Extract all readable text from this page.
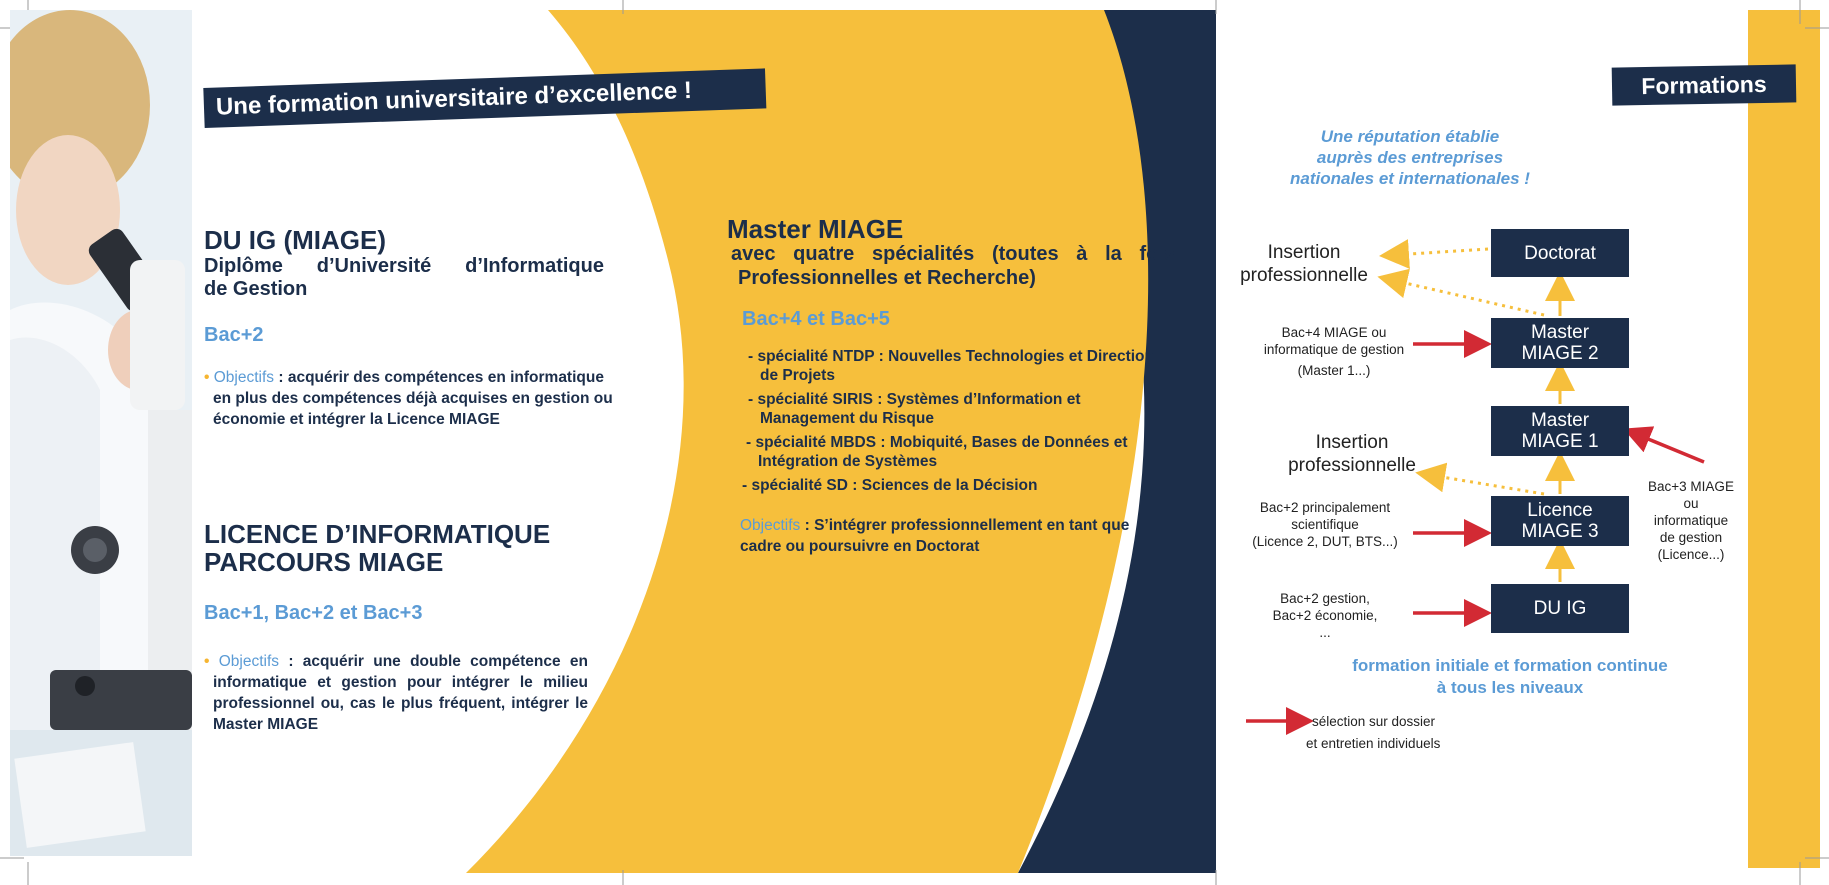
Une formation universitaire d’excellence !
DU IG (MIAGE)
Diplôme d’Université d’Informatique
de Gestion
Bac+2
• Objectifs : acquérir des compétences en informatique
en plus des compétences déjà acquises en gestion ou
économie et intégrer la Licence MIAGE
LICENCE D’INFORMATIQUE
PARCOURS MIAGE
Bac+1, Bac+2 et Bac+3
• Objectifs : acquérir une double compétence en
informatique et gestion pour intégrer le milieu
professionnel ou, cas le plus fréquent, intégrer le
Master MIAGE
Master MIAGE
avec quatre spécialités (toutes à la fois
Professionnelles et Recherche)
Bac+4 et Bac+5
- spécialité NTDP : Nouvelles Technologies et Direction
de Projets
- spécialité SIRIS : Systèmes d’Information et
Management du Risque
- spécialité MBDS : Mobiquité, Bases de Données et
Intégration de Systèmes
- spécialité SD : Sciences de la Décision
Objectifs : S’intégrer professionnellement en tant que
cadre ou poursuivre en Doctorat
Formations
Une réputation établie
auprès des entreprises
nationales et internationales !
Doctorat
Master
MIAGE 2
Master
MIAGE 1
Licence
MIAGE 3
DU IG
Insertion
professionnelle
Insertion
professionnelle
Bac+4 MIAGE ou
informatique de gestion
(Master 1...)
Bac+3 MIAGE
ou
informatique
de gestion
(Licence...)
Bac+2 principalement
scientifique
(Licence 2, DUT, BTS...)
Bac+2 gestion,
Bac+2 économie,
...
formation initiale et formation continue
à tous les niveaux
sélection sur dossier
et entretien individuels
